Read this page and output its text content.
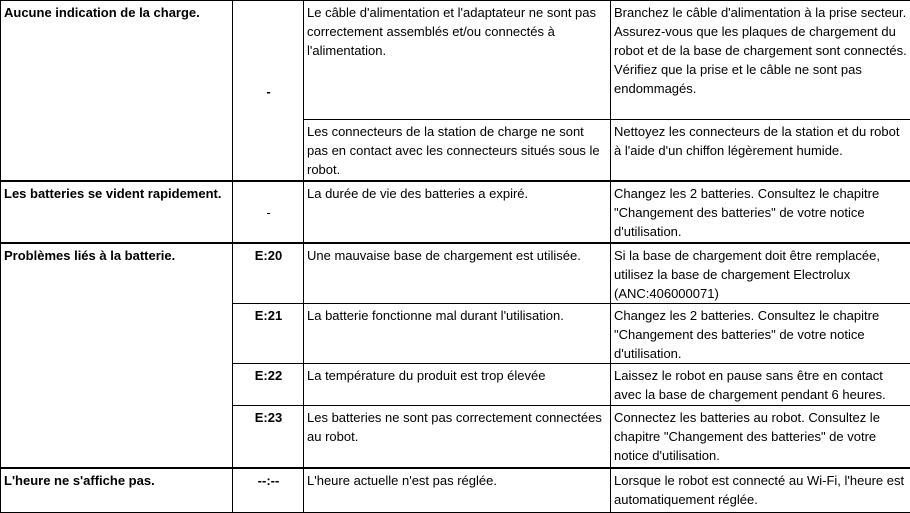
Aucune indication de la charge.	-	Le câble d'alimentation et l'adaptateur ne sont pas correctement assemblés et/ou connectés à l'alimentation.	Branchez le câble d'alimentation à la prise secteur. Assurez-vous que les plaques de chargement du robot et de la base de chargement sont connectés.
Vérifiez que la prise et le câble ne sont pas endommagés.

		Les connecteurs de la station de charge ne sont pas en contact avec les connecteurs situés sous le robot.	Nettoyez les connecteurs de la station et du robot à l'aide d'un chiffon légèrement humide.
Les batteries se vident rapidement.	-	La durée de vie des batteries a expiré.	Changez les 2 batteries. Consultez le chapitre "Changement des batteries" de votre notice d'utilisation.
Problèmes liés à la batterie.	E:20	Une mauvaise base de chargement est utilisée.	Si la base de chargement doit être remplacée, utilisez la base de chargement Electrolux (ANC:406000071)
	E:21	La batterie fonctionne mal durant l'utilisation.	Changez les 2 batteries. Consultez le chapitre "Changement des batteries" de votre notice d'utilisation.
	E:22	La température du produit est trop élevée	Laissez le robot en pause sans être en contact avec la base de chargement pendant 6 heures.
	E:23	Les batteries ne sont pas correctement connectées au robot.	Connectez les batteries au robot. Consultez le chapitre "Changement des batteries" de votre notice d'utilisation.
L'heure ne s'affiche pas.	--:--	L'heure actuelle n'est pas réglée.	Lorsque le robot est connecté au Wi-Fi, l'heure est automatiquement réglée.
